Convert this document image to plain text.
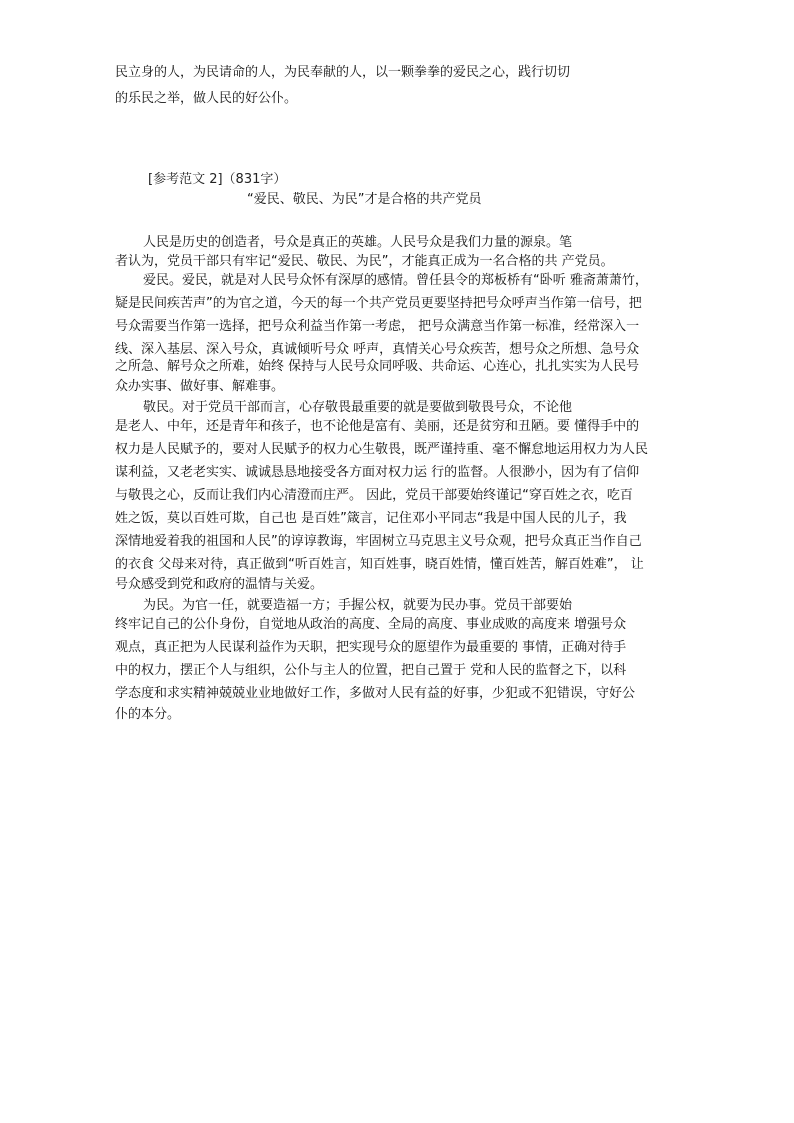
民立身的人，为民请命的人，为民奉献的人，以一颗拳拳的爱民之心，践行切切
的乐民之举，做人民的好公仆。
[参考范文 2]（831字）
“爱民、敬民、为民”才是合格的共产党员
人民是历史的创造者，号众是真正的英雄。人民号众是我们力量的源泉。笔
者认为，党员干部只有牢记“爱民、敬民、为民”，才能真正成为一名合格的共 产党员。
爱民。爱民，就是对人民号众怀有深厚的感情。曾任县令的郑板桥有“卧听 雅斋萧萧竹，
疑是民间疾苦声”的为官之道，今天的每一个共产党员更要坚持把号众呼声当作第一信号，把
号众需要当作第一选择，把号众利益当作第一考虑， 把号众满意当作第一标准，经常深入一
线、深入基层、深入号众，真诚倾听号众 呼声，真情关心号众疾苦，想号众之所想、急号众
之所急、解号众之所难，始终 保持与人民号众同呼吸、共命运、心连心，扎扎实实为人民号
众办实事、做好事、解难事。
敬民。对于党员干部而言，心存敬畏最重要的就是要做到敬畏号众，不论他
是老人、中年，还是青年和孩子，也不论他是富有、美丽，还是贫穷和丑陋。要 懂得手中的
权力是人民赋予的，要对人民赋予的权力心生敬畏，既严谨持重、毫不懈怠地运用权力为人民
谋利益，又老老实实、诚诚恳恳地接受各方面对权力运 行的监督。人很渺小，因为有了信仰
与敬畏之心，反而让我们内心清澄而庄严。 因此，党员干部要始终谨记“穿百姓之衣，吃百
姓之饭，莫以百姓可欺，自己也 是百姓”箴言，记住邓小平同志“我是中国人民的儿子，我
深情地爱着我的祖国和人民”的谆谆教诲，牢固树立马克思主义号众观，把号众真正当作自己
的衣食 父母来对待，真正做到“听百姓言，知百姓事，晓百姓情，懂百姓苦，解百姓难”， 让
号众感受到党和政府的温情与关爱。
为民。为官一任，就要造福一方；手握公权，就要为民办事。党员干部要始
终牢记自己的公仆身份，自觉地从政治的高度、全局的高度、事业成败的高度来 增强号众
观点，真正把为人民谋利益作为天职，把实现号众的愿望作为最重要的 事情，正确对待手
中的权力，摆正个人与组织，公仆与主人的位置，把自己置于 党和人民的监督之下，以科
学态度和求实精神兢兢业业地做好工作，多做对人民有益的好事，少犯或不犯错误，守好公
仆的本分。
